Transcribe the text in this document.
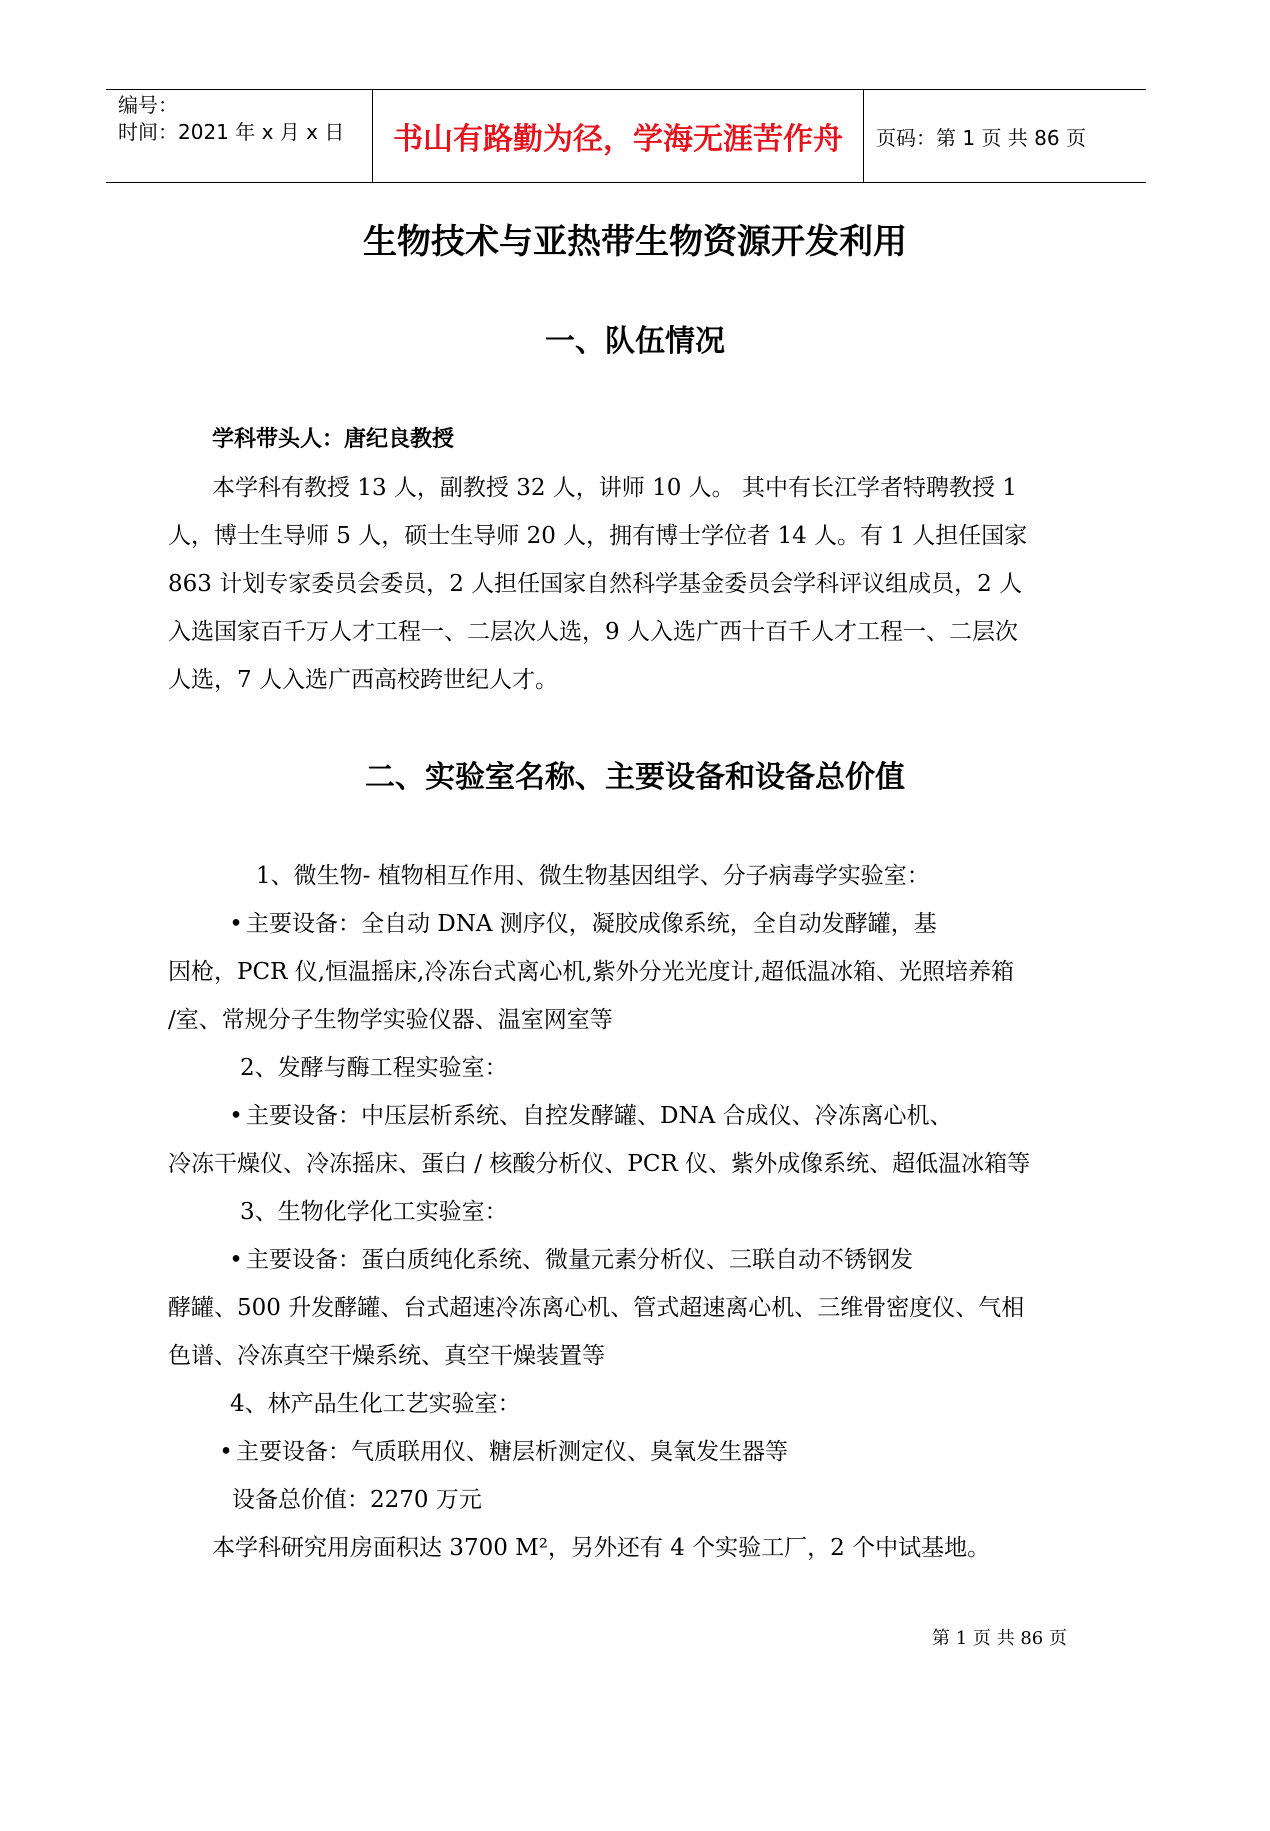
编号：
时间：2021 年 x 月 x 日	书山有路勤为径，学海无涯苦作舟	页码：第 1 页 共 86 页
生物技术与亚热带生物资源开发利用
一、队伍情况
学科带头人：唐纪良教授
本学科有教授 13 人，副教授 32 人，讲师 10 人。 其中有长江学者特聘教授 1
人，博士生导师 5 人，硕士生导师 20 人，拥有博士学位者 14 人。有 1 人担任国家
863 计划专家委员会委员，2 人担任国家自然科学基金委员会学科评议组成员，2 人
入选国家百千万人才工程一、二层次人选，9 人入选广西十百千人才工程一、二层次
人选，7 人入选广西高校跨世纪人才。
二、实验室名称、主要设备和设备总价值
1、微生物- 植物相互作用、微生物基因组学、分子病毒学实验室：
• 主要设备：全自动 DNA 测序仪，凝胶成像系统，全自动发酵罐，基
因枪，PCR 仪,恒温摇床,冷冻台式离心机,紫外分光光度计,超低温冰箱、光照培养箱
/室、常规分子生物学实验仪器、温室网室等
2、发酵与酶工程实验室：
• 主要设备：中压层析系统、自控发酵罐、DNA 合成仪、冷冻离心机、
冷冻干燥仪、冷冻摇床、蛋白 / 核酸分析仪、PCR 仪、紫外成像系统、超低温冰箱等
3、生物化学化工实验室：
• 主要设备：蛋白质纯化系统、微量元素分析仪、三联自动不锈钢发
酵罐、500 升发酵罐、台式超速冷冻离心机、管式超速离心机、三维骨密度仪、气相
色谱、冷冻真空干燥系统、真空干燥装置等
4、林产品生化工艺实验室：
• 主要设备：气质联用仪、糖层析测定仪、臭氧发生器等
设备总价值：2270 万元
本学科研究用房面积达 3700 M²，另外还有 4 个实验工厂，2 个中试基地。
第 1 页 共 86 页
